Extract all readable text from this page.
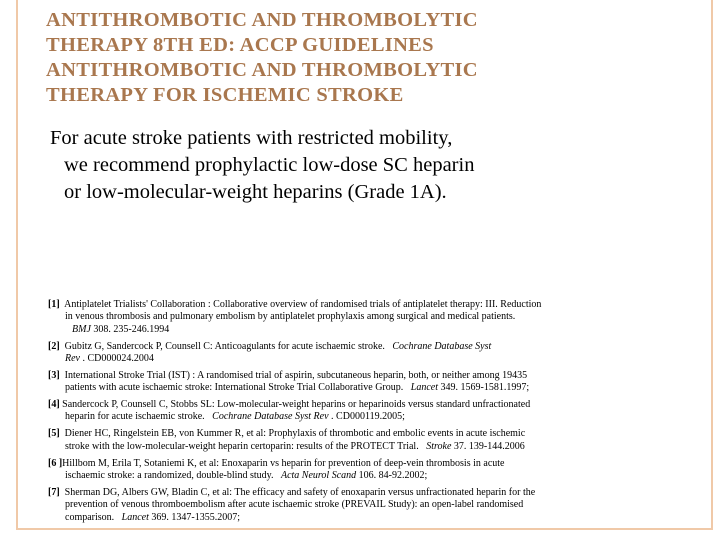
ANTITHROMBOTIC AND THROMBOLYTIC
THERAPY 8TH ED: ACCP GUIDELINES
ANTITHROMBOTIC AND THROMBOLYTIC
THERAPY FOR ISCHEMIC STROKE
For acute stroke patients with restricted mobility,
we recommend prophylactic low-dose SC heparin
or low-molecular-weight heparins (Grade 1A).
[1] Antiplatelet Trialists' Collaboration : Collaborative overview of randomised trials of antiplatelet therapy: III. Reduction
in venous thrombosis and pulmonary embolism by antiplatelet prophylaxis among surgical and medical patients.
BMJ 308. 235-246.1994
[2] Gubitz G, Sandercock P, Counsell C: Anticoagulants for acute ischaemic stroke. Cochrane Database Syst
Rev . CD000024.2004
[3] International Stroke Trial (IST) : A randomised trial of aspirin, subcutaneous heparin, both, or neither among 19435
patients with acute ischaemic stroke: International Stroke Trial Collaborative Group. Lancet 349. 1569-1581.1997;
[4] Sandercock P, Counsell C, Stobbs SL: Low-molecular-weight heparins or heparinoids versus standard unfractionated
heparin for acute ischaemic stroke. Cochrane Database Syst Rev . CD000119.2005;
[5] Diener HC, Ringelstein EB, von Kummer R, et al: Prophylaxis of thrombotic and embolic events in acute ischemic
stroke with the low-molecular-weight heparin certoparin: results of the PROTECT Trial. Stroke 37. 139-144.2006
[6 ]Hillbom M, Erila T, Sotaniemi K, et al: Enoxaparin vs heparin for prevention of deep-vein thrombosis in acute
ischaemic stroke: a randomized, double-blind study. Acta Neurol Scand 106. 84-92.2002;
[7] Sherman DG, Albers GW, Bladin C, et al: The efficacy and safety of enoxaparin versus unfractionated heparin for the
prevention of venous thromboembolism after acute ischaemic stroke (PREVAIL Study): an open-label randomised
comparison. Lancet 369. 1347-1355.2007;
